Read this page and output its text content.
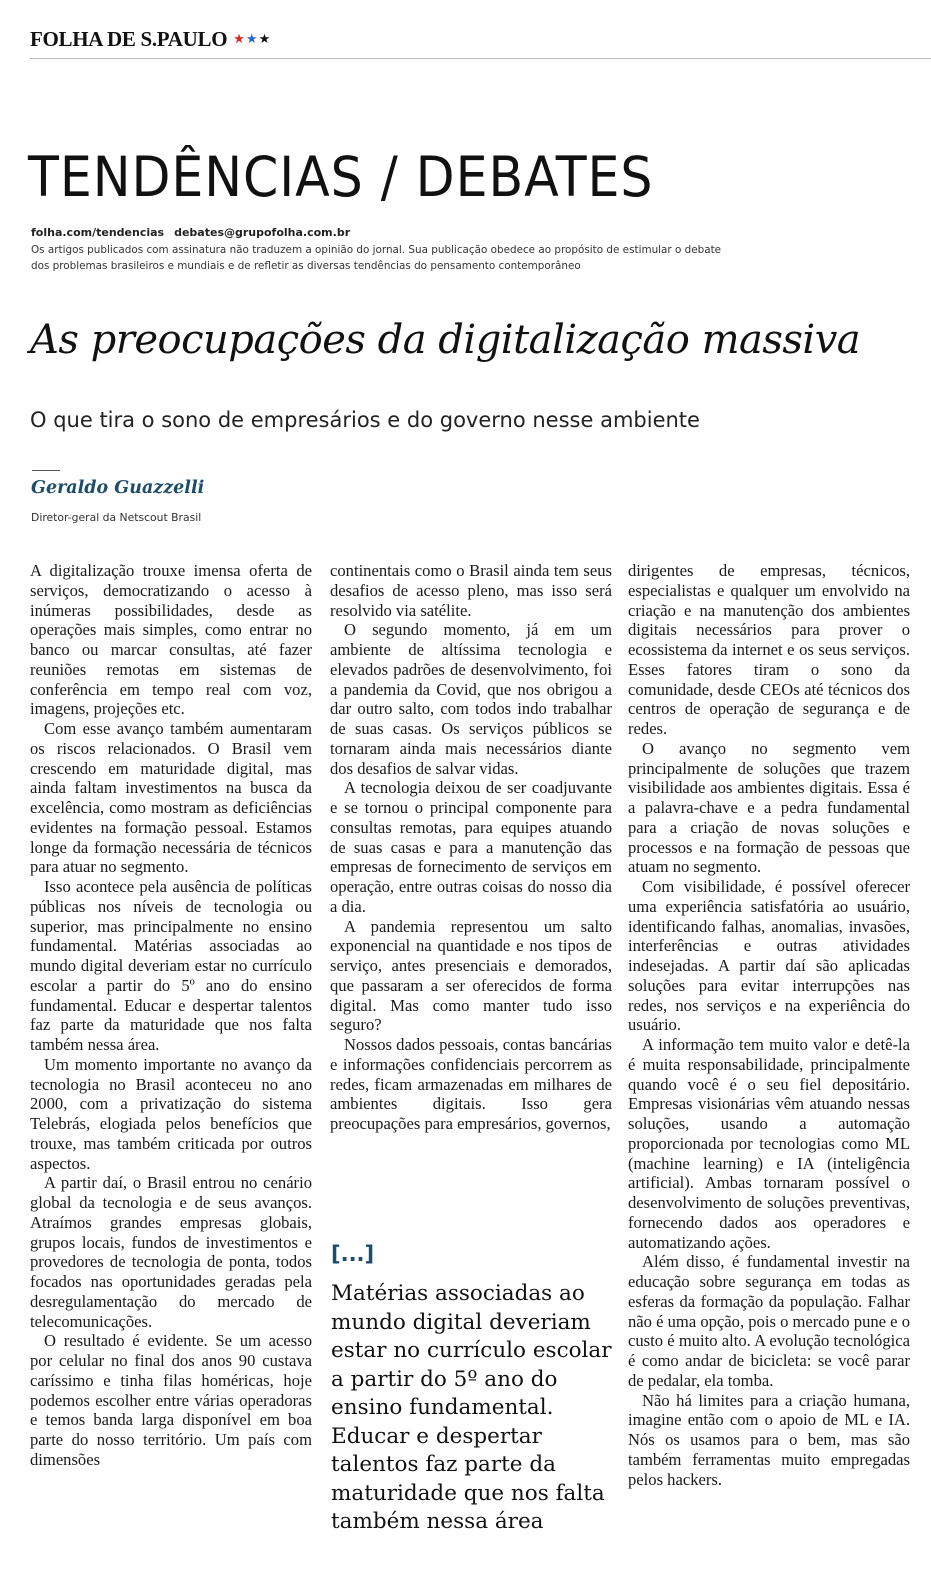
FOLHA DE S.PAULO ★★★
TENDÊNCIAS / DEBATES
folha.com/tendencias debates@grupofolha.com.br
Os artigos publicados com assinatura não traduzem a opinião do jornal. Sua publicação obedece ao propósito de estimular o debate dos problemas brasileiros e mundiais e de refletir as diversas tendências do pensamento contemporâneo
As preocupações da digitalização massiva
O que tira o sono de empresários e do governo nesse ambiente
Geraldo Guazzelli
Diretor-geral da Netscout Brasil

A digitalização trouxe imensa oferta de serviços, democratizando o acesso à inúmeras possibilidades, desde as operações mais simples, como entrar no banco ou marcar consultas, até fazer reuniões remotas em sistemas de conferência em tempo real com voz, imagens, projeções etc.

Com esse avanço também aumentaram os riscos relacionados. O Brasil vem crescendo em maturidade digital, mas ainda faltam investimentos na busca da excelência, como mostram as deficiências evidentes na formação pessoal. Estamos longe da formação necessária de técnicos para atuar no segmento.

Isso acontece pela ausência de políticas públicas nos níveis de tecnologia ou superior, mas principalmente no ensino fundamental. Matérias associadas ao mundo digital deveriam estar no currículo escolar a partir do 5º ano do ensino fundamental. Educar e despertar talentos faz parte da maturidade que nos falta também nessa área.

Um momento importante no avanço da tecnologia no Brasil aconteceu no ano 2000, com a privatização do sistema Telebrás, elogiada pelos benefícios que trouxe, mas também criticada por outros aspectos.

A partir daí, o Brasil entrou no cenário global da tecnologia e de seus avanços. Atraímos grandes empresas globais, grupos locais, fundos de investimentos e provedores de tecnologia de ponta, todos focados nas oportunidades geradas pela desregulamentação do mercado de telecomunicações.

O resultado é evidente. Se um acesso por celular no final dos anos 90 custava caríssimo e tinha filas homéricas, hoje podemos escolher entre várias operadoras e temos banda larga disponível em boa parte do nosso território. Um país com dimensões

continentais como o Brasil ainda tem seus desafios de acesso pleno, mas isso será resolvido via satélite.

O segundo momento, já em um ambiente de altíssima tecnologia e elevados padrões de desenvolvimento, foi a pandemia da Covid, que nos obrigou a dar outro salto, com todos indo trabalhar de suas casas. Os serviços públicos se tornaram ainda mais necessários diante dos desafios de salvar vidas.

A tecnologia deixou de ser coadjuvante e se tornou o principal componente para consultas remotas, para equipes atuando de suas casas e para a manutenção das empresas de fornecimento de serviços em operação, entre outras coisas do nosso dia a dia.

A pandemia representou um salto exponencial na quantidade e nos tipos de serviço, antes presenciais e demorados, que passaram a ser oferecidos de forma digital. Mas como manter tudo isso seguro?

Nossos dados pessoais, contas bancárias e informações confidenciais percorrem as redes, ficam armazenadas em milhares de ambientes digitais. Isso gera preocupações para empresários, governos,

[...]
Matérias associadas ao mundo digital deveriam estar no currículo escolar a partir do 5º ano do ensino fundamental. Educar e despertar talentos faz parte da maturidade que nos falta também nessa área

dirigentes de empresas, técnicos, especialistas e qualquer um envolvido na criação e na manutenção dos ambientes digitais necessários para prover o ecossistema da internet e os seus serviços. Esses fatores tiram o sono da comunidade, desde CEOs até técnicos dos centros de operação de segurança e de redes.

O avanço no segmento vem principalmente de soluções que trazem visibilidade aos ambientes digitais. Essa é a palavra-chave e a pedra fundamental para a criação de novas soluções e processos e na formação de pessoas que atuam no segmento.

Com visibilidade, é possível oferecer uma experiência satisfatória ao usuário, identificando falhas, anomalias, invasões, interferências e outras atividades indesejadas. A partir daí são aplicadas soluções para evitar interrupções nas redes, nos serviços e na experiência do usuário.

A informação tem muito valor e detê-la é muita responsabilidade, principalmente quando você é o seu fiel depositário. Empresas visionárias vêm atuando nessas soluções, usando a automação proporcionada por tecnologias como ML (machine learning) e IA (inteligência artificial). Ambas tornaram possível o desenvolvimento de soluções preventivas, fornecendo dados aos operadores e automatizando ações.

Além disso, é fundamental investir na educação sobre segurança em todas as esferas da formação da população. Falhar não é uma opção, pois o mercado pune e o custo é muito alto. A evolução tecnológica é como andar de bicicleta: se você parar de pedalar, ela tomba.

Não há limites para a criação humana, imagine então com o apoio de ML e IA. Nós os usamos para o bem, mas são também ferramentas muito empregadas pelos hackers.
